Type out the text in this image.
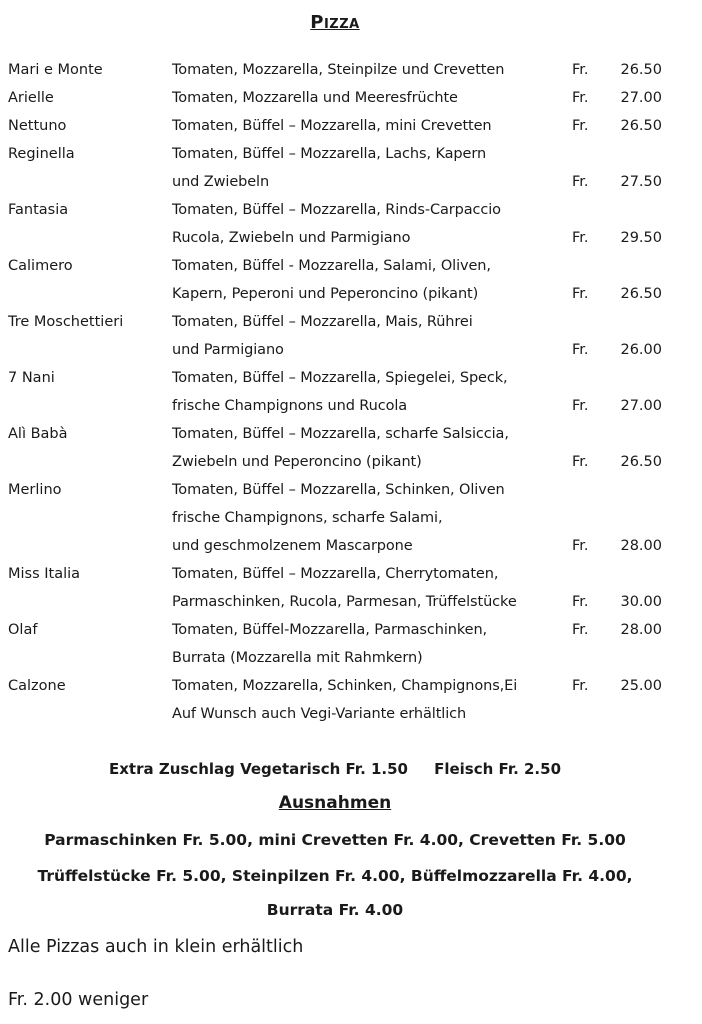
Pizza
Mari e Monte	Tomaten, Mozzarella, Steinpilze und Crevetten	Fr.	26.50
Arielle	Tomaten, Mozzarella und Meeresfrüchte	Fr.	27.00
Nettuno	Tomaten, Büffel – Mozzarella, mini Crevetten	Fr.	26.50
Reginella	Tomaten, Büffel – Mozzarella, Lachs, Kapern
und Zwiebeln	Fr.	27.50
Fantasia	Tomaten, Büffel – Mozzarella, Rinds-Carpaccio
Rucola, Zwiebeln und Parmigiano	Fr.	29.50
Calimero	Tomaten, Büffel - Mozzarella, Salami, Oliven,
Kapern, Peperoni und Peperoncino (pikant)	Fr.	26.50
Tre Moschettieri	Tomaten, Büffel – Mozzarella, Mais, Rührei
und Parmigiano	Fr.	26.00
7 Nani	Tomaten, Büffel – Mozzarella, Spiegelei, Speck,
frische Champignons und Rucola	Fr.	27.00
Alì Babà	Tomaten, Büffel – Mozzarella, scharfe Salsiccia,
Zwiebeln und Peperoncino (pikant)	Fr.	26.50
Merlino	Tomaten, Büffel – Mozzarella, Schinken, Oliven
frische Champignons, scharfe Salami,
und geschmolzenem Mascarpone	Fr.	28.00
Miss Italia	Tomaten, Büffel – Mozzarella, Cherrytomaten,
Parmaschinken, Rucola, Parmesan, Trüffelstücke	Fr.	30.00
Olaf	Tomaten, Büffel-Mozzarella, Parmaschinken,	Fr.	28.00
Burrata (Mozzarella mit Rahmkern)
Calzone	Tomaten, Mozzarella, Schinken, Champignons,Ei	Fr.	25.00
Auf Wunsch auch Vegi-Variante erhältlich
Extra Zuschlag Vegetarisch Fr. 1.50     Fleisch Fr. 2.50
Ausnahmen
Parmaschinken Fr. 5.00, mini Crevetten Fr. 4.00, Crevetten Fr. 5.00
Trüffelstücke Fr. 5.00, Steinpilzen Fr. 4.00, Büffelmozzarella Fr. 4.00,
Burrata Fr. 4.00
Alle Pizzas auch in klein erhältlich
Fr. 2.00 weniger
